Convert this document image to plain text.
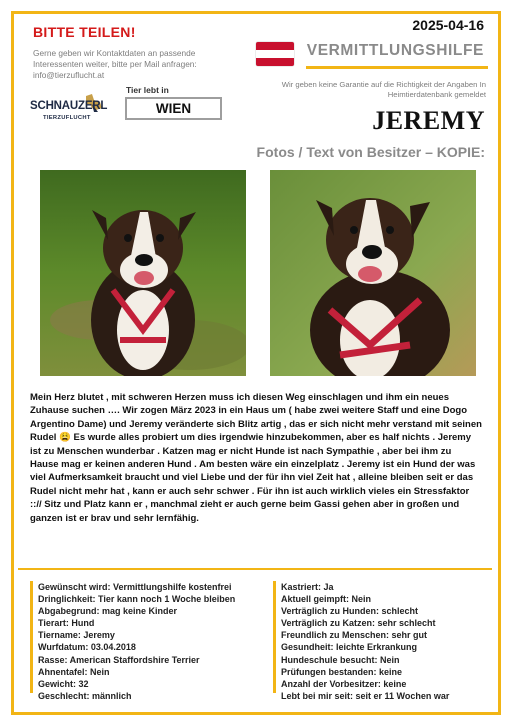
BITTE TEILEN!	2025-04-16
Gerne geben wir Kontaktdaten an passende Interessenten weiter, bitte per Mail anfragen: info@tierzuflucht.at
VERMITTLUNGSHILFE
Wir geben keine Garantie auf die Richtigkeit der Angaben In Heimtierdatenbank gemeldet
SCHNAUZERL
TIERZUFLUCHT
Tier lebt in
WIEN	JEREMY
Fotos / Text von Besitzer – KOPIE:
Mein Herz blutet , mit schweren Herzen muss ich diesen Weg einschlagen und ihm ein neues Zuhause suchen …. Wir zogen März 2023 in ein Haus um ( habe zwei weitere Staff und eine Dogo Argentino Dame) und Jeremy veränderte sich Blitz artig , das er sich nicht mehr verstand mit seinen Rudel 😩 Es wurde alles probiert um dies irgendwie hinzubekommen, aber es half nichts . Jeremy ist zu Menschen wunderbar . Katzen mag er nicht Hunde ist nach Sympathie , aber bei ihm zu Hause mag er keinen anderen Hund . Am besten wäre ein einzelplatz . Jeremy ist ein Hund der was viel Aufmerksamkeit braucht und viel Liebe und der für ihn viel Zeit hat , alleine bleiben seit er das Rudel nicht mehr hat , kann er auch sehr schwer . Für ihn ist auch wirklich vieles ein Stressfaktor ::// Sitz und Platz kann er , manchmal zieht er auch gerne beim Gassi gehen aber in großen und ganzen ist er brav und sehr lernfähig.
Gewünscht wird: Vermittlungshilfe kostenfrei
Dringlichkeit: Tier kann noch 1 Woche bleiben
Abgabegrund: mag keine Kinder
Tierart: Hund
Tiername: Jeremy
Wurfdatum: 03.04.2018
Rasse: American Staffordshire Terrier
Ahnentafel: Nein
Gewicht: 32
Geschlecht: männlich
Kastriert: Ja
Aktuell geimpft: Nein
Verträglich zu Hunden: schlecht
Verträglich zu Katzen: sehr schlecht
Freundlich zu Menschen: sehr gut
Gesundheit: leichte Erkrankung
Hundeschule besucht: Nein
Prüfungen bestanden: keine
Anzahl der Vorbesitzer: keine
Lebt bei mir seit: seit er 11 Wochen war
